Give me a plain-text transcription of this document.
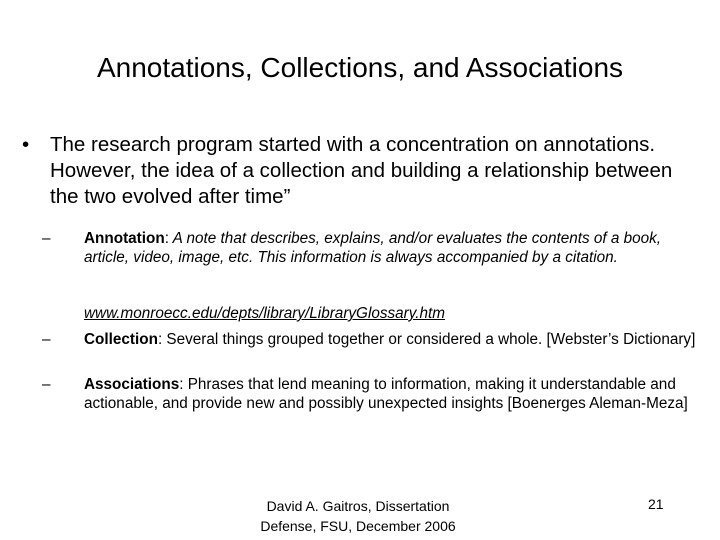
Annotations, Collections, and Associations
• The research program started with a concentration on annotations. However, the idea of a collection and building a relationship between the two evolved after time”
– Annotation: A note that describes, explains, and/or evaluates the contents of a book, article, video, image, etc. This information is always accompanied by a citation.
www.monroecc.edu/depts/library/LibraryGlossary.htm
– Collection: Several things grouped together or considered a whole. [Webster’s Dictionary]
– Associations: Phrases that lend meaning to information, making it understandable and actionable, and provide new and possibly unexpected insights [Boenerges Aleman-Meza]
David A. Gaitros, Dissertation
Defense, FSU, December 2006
21
